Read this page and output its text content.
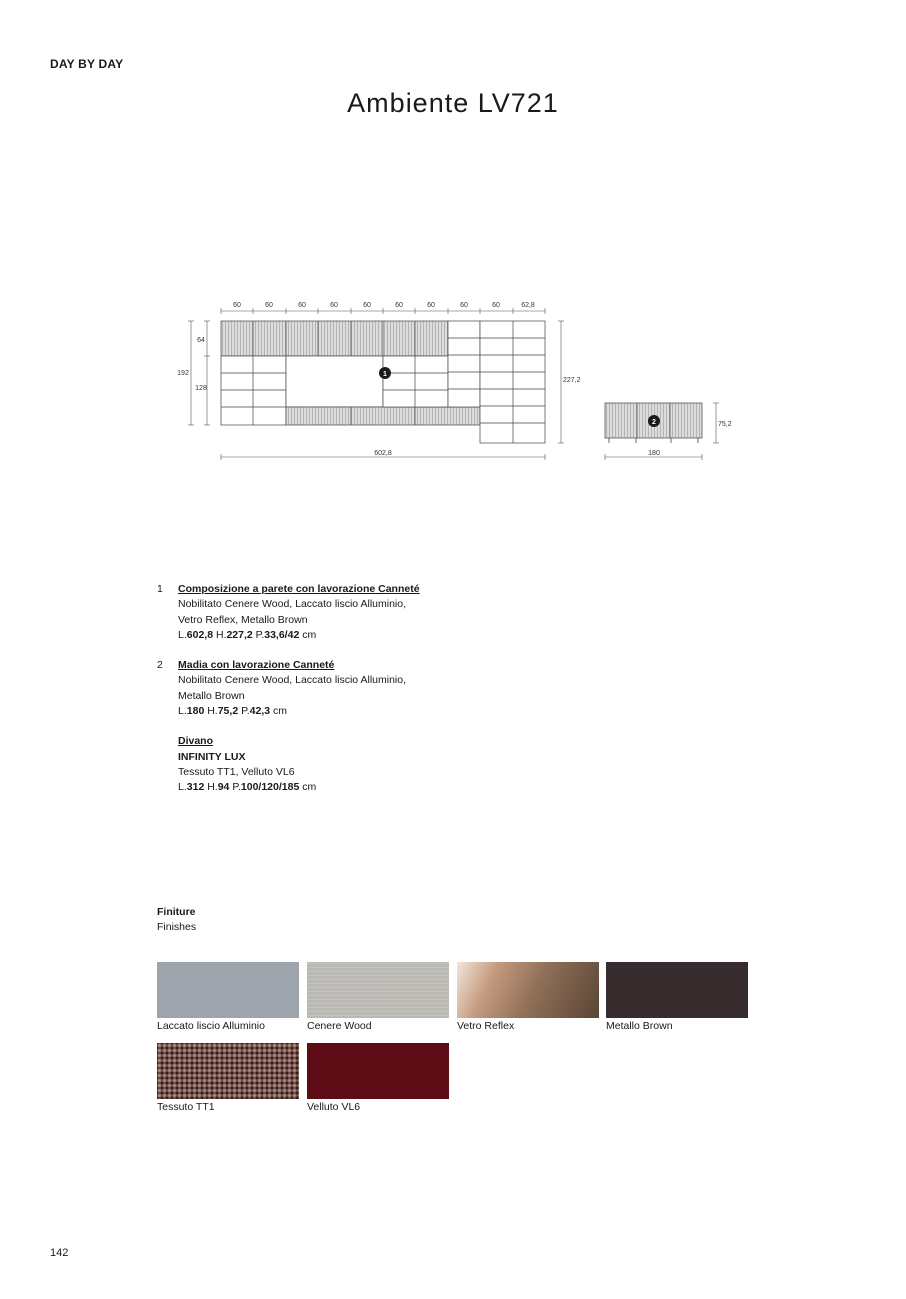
DAY BY DAY
Ambiente LV721
60	60	60	60	60	60	60	60	60	62,8
192
64
128
1
227,2
602,8
2	75,2
180
1 Composizione a parete con lavorazione Canneté
Nobilitato Cenere Wood, Laccato liscio Alluminio,
Vetro Reflex, Metallo Brown
L.602,8 H.227,2 P.33,6/42 cm
2 Madia con lavorazione Canneté
Nobilitato Cenere Wood, Laccato liscio Alluminio,
Metallo Brown
L.180 H.75,2 P.42,3 cm
Divano
INFINITY LUX
Tessuto TT1, Velluto VL6
L.312 H.94 P.100/120/185 cm
Finiture
Finishes
Laccato liscio Alluminio	Cenere Wood	Vetro Reflex	Metallo Brown
Tessuto TT1	Velluto VL6
142
